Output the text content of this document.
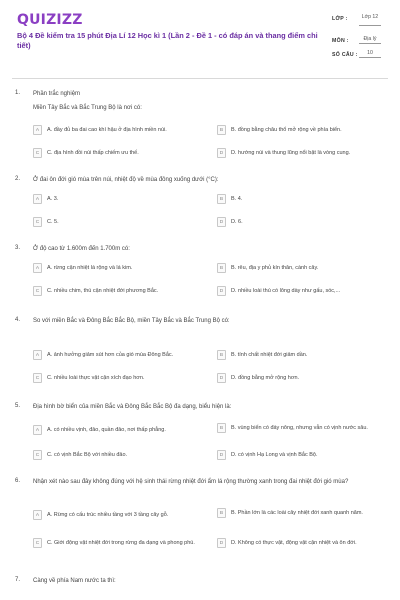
QUIZIZZ
Bộ 4 Đề kiểm tra 15 phút Địa Lí 12 Học kì 1 (Lần 2 - Đề 1 - có đáp án và thang điểm chi tiết)
LỚP :	Lớp 12
MÔN :	Địa lý
SỐ CÂU :	10
1. Phần trắc nghiệm
Miền Tây Bắc và Bắc Trung Bộ là nơi có:
A	A. đầy đủ ba đai cao khí hậu ở địa hình miền núi.	B	B. đồng bằng châu thổ mở rộng về phía biển.
C	C. địa hình đồi núi thấp chiếm ưu thế.	D	D. hướng núi và thung lũng nổi bật là vòng cung.
2. Ở đai ôn đới gió mùa trên núi, nhiệt độ về mùa đông xuống dưới (°C):
A	A. 3.	B	B. 4.
C	C. 5.	D	D. 6.
3. Ở độ cao từ 1.600m đến 1.700m có:
A	A. rừng cận nhiệt lá rộng và lá kim.	B	B. rêu, địa y phủ kín thân, cành cây.
C	C. nhiều chim, thú cận nhiệt đới phương Bắc.	D	D. nhiều loài thú có lông dày như gấu, sóc,...
4. So với miền Bắc và Đông Bắc Bắc Bộ, miền Tây Bắc và Bắc Trung Bộ có:
A	A. ảnh hưởng giảm sút hơn của gió mùa Đông Bắc.	B	B. tính chất nhiệt đới giảm dần.
C	C. nhiều loài thực vật cận xích đạo hơn.	D	D. đồng bằng mở rộng hơn.
5. Địa hình bờ biển của miền Bắc và Đông Bắc Bắc Bộ đa dạng, biểu hiện là:
A	A. có nhiều vịnh, đảo, quần đảo, nơi thấp phẳng.	B	B. vùng biển có đáy nông, nhưng vẫn có vịnh nước sâu.
C	C. có vịnh Bắc Bộ với nhiều đảo.	D	D. có vịnh Hạ Long và vịnh Bắc Bộ.
6. Nhận xét nào sau đây không đúng với hệ sinh thái rừng nhiệt đới ẩm lá rộng thường xanh trong đai nhiệt đới gió mùa?
A	A. Rừng có cấu trúc nhiều tầng với 3 tầng cây gỗ.	B	B. Phần lớn là các loài cây nhiệt đới xanh quanh năm.
C	C. Giới động vật nhiệt đới trong rừng đa dạng và phong phú.	D	D. Không có thực vật, động vật cận nhiệt và ôn đới.
7. Càng về phía Nam nước ta thì:
